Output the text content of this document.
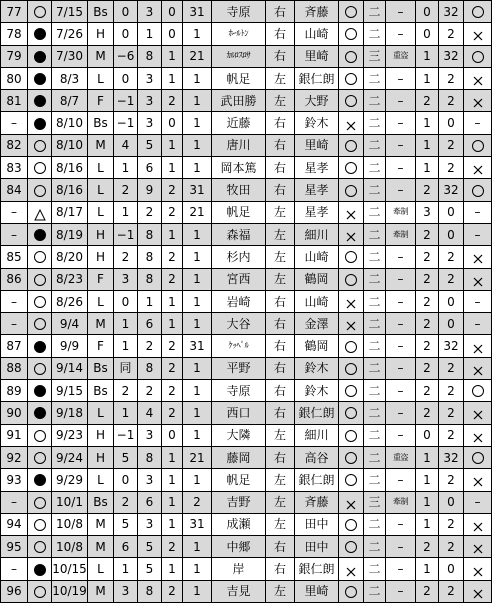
77		7/15	Bs	0	3	0	31	寺原	右	斉藤		二	–	0	32	
78		7/26	H	0	1	0	1	ﾎｰﾙﾄﾝ	右	山崎		二	–	0	2	
79		7/30	M	−6	8	1	21	ｶﾙﾛｽﾛｻ	右	里崎		三	重盗	1	32	
80		8/3	L	0	3	1	1	帆足	左	銀仁朗		二	–	1	2	
81		8/7	F	−1	3	2	1	武田勝	左	大野		二	–	2	2	
–		8/10	Bs	−1	3	0	1	近藤	右	鈴木		二	–	1	0	–
82		8/10	M	4	5	1	1	唐川	右	里崎		二	–	1	2	
83		8/16	L	1	6	1	1	岡本篤	右	星孝		二	–	1	2	
84		8/16	L	2	9	2	31	牧田	右	星孝		二	–	2	32	
–		8/17	L	1	2	2	21	帆足	左	星孝		二	牽制	3	0	–
–		8/19	H	−1	8	1	1	森福	左	細川		二	牽制	2	0	–
85		8/20	H	2	8	2	1	杉内	左	山崎		二	–	2	2	
86		8/23	F	3	8	2	1	宮西	左	鶴岡		二	–	2	2	
–		8/26	L	0	1	1	1	岩崎	右	山崎		二	–	2	0	–
–		9/4	M	1	6	1	1	大谷	右	金澤		二	–	2	0	–
87		9/9	F	1	2	2	31	ｹｯﾍﾟﾙ	右	鶴岡		二	–	2	32	
88		9/14	Bs	同	8	2	1	平野	右	鈴木		二	–	2	2	
89		9/15	Bs	2	2	2	1	寺原	右	鈴木		二	–	2	2	
90		9/18	L	1	4	2	1	西口	右	銀仁朗		二	–	2	2	
91		9/23	H	−1	3	0	1	大隣	左	細川		二	–	0	2	
92		9/24	H	5	8	1	21	藤岡	右	高谷		二	重盗	1	32	
93		9/29	L	0	3	1	1	帆足	左	銀仁朗		二	–	1	2	
–		10/1	Bs	2	6	1	2	吉野	左	斉藤		三	牽制	1	0	–
94		10/8	M	5	3	1	31	成瀬	左	田中		二	–	1	2	
95		10/8	M	6	5	2	1	中郷	右	田中		二	–	2	2	
–		10/15	L	1	5	1	1	岸	右	銀仁朗		二	–	1	0	
96		10/19	M	3	8	2	1	吉見	左	里崎		二	–	2	2	
